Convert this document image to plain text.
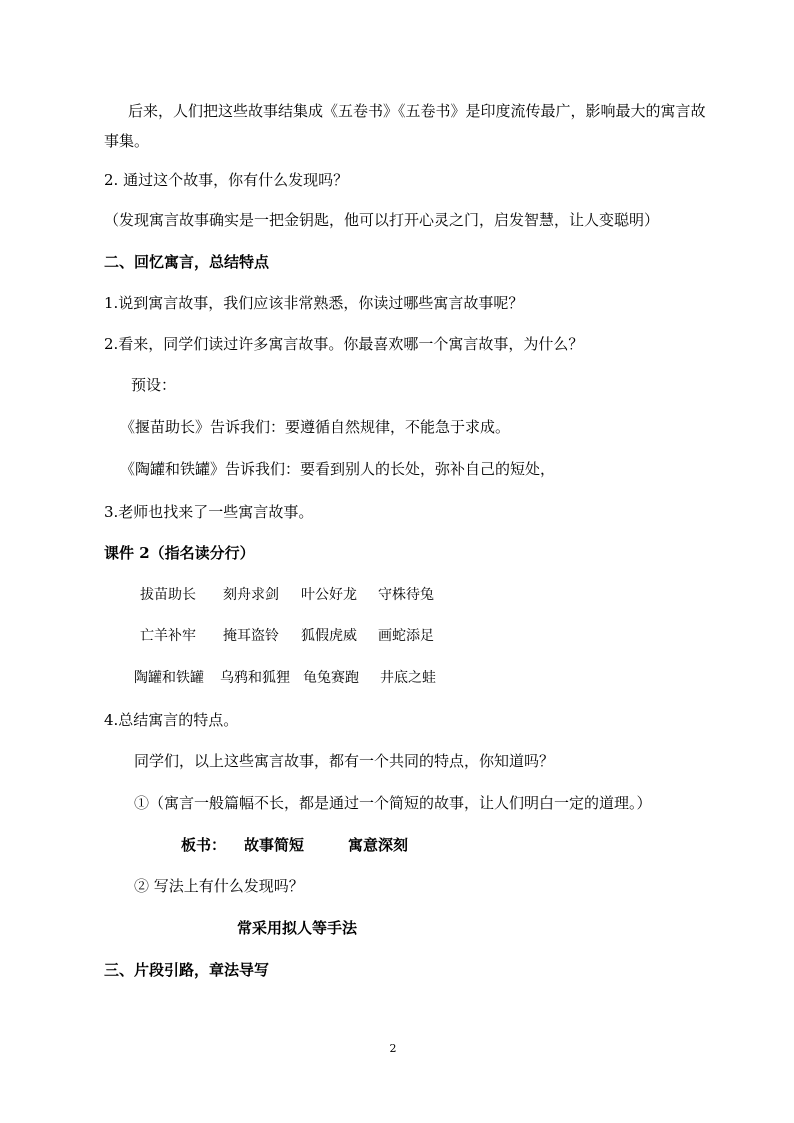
后来，人们把这些故事结集成《五卷书》《五卷书》是印度流传最广，影响最大的寓言故
事集。
2. 通过这个故事，你有什么发现吗？
（发现寓言故事确实是一把金钥匙，他可以打开心灵之门，启发智慧，让人变聪明）
二、回忆寓言，总结特点
1.说到寓言故事，我们应该非常熟悉，你读过哪些寓言故事呢？
2.看来，同学们读过许多寓言故事。你最喜欢哪一个寓言故事，为什么？
预设：
《揠苗助长》告诉我们：要遵循自然规律，不能急于求成。
《陶罐和铁罐》告诉我们：要看到别人的长处，弥补自己的短处，
3.老师也找来了一些寓言故事。
课件 2（指名读分行）
拔苗助长 刻舟求剑 叶公好龙 守株待兔
亡羊补牢 掩耳盗铃 狐假虎威 画蛇添足
陶罐和铁罐 乌鸦和狐狸 龟兔赛跑 井底之蛙
4.总结寓言的特点。
同学们，以上这些寓言故事，都有一个共同的特点，你知道吗？
①（寓言一般篇幅不长，都是通过一个简短的故事，让人们明白一定的道理。）
板书： 故事简短	寓意深刻
② 写法上有什么发现吗？
常采用拟人等手法
三、片段引路，章法导写
2
